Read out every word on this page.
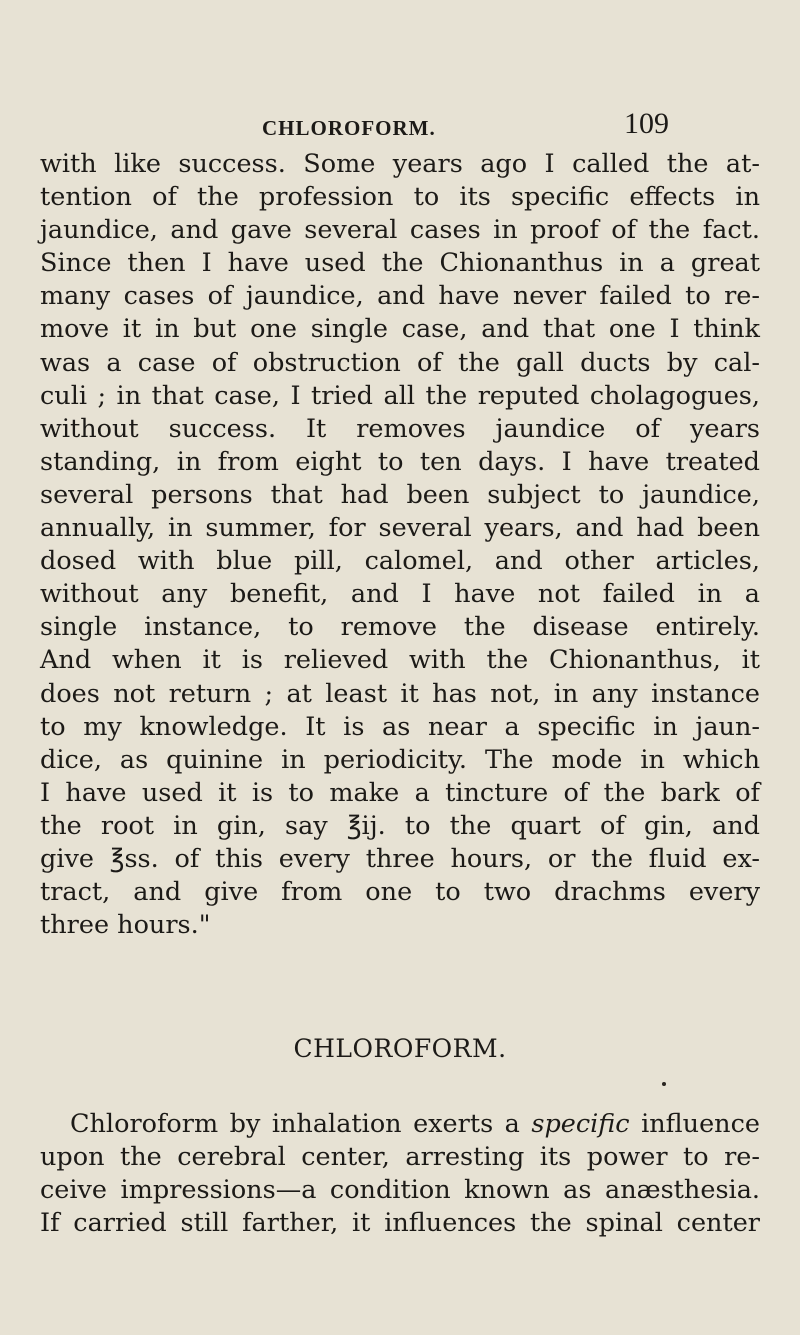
CHLOROFORM.	109
with like success. Some years ago I called the at-
tention of the profession to its specific effects in
jaundice, and gave several cases in proof of the fact.
Since then I have used the Chionanthus in a great
many cases of jaundice, and have never failed to re-
move it in but one single case, and that one I think
was a case of obstruction of the gall ducts by cal-
culi ; in that case, I tried all the reputed cholagogues,
without success. It removes jaundice of years
standing, in from eight to ten days. I have treated
several persons that had been subject to jaundice,
annually, in summer, for several years, and had been
dosed with blue pill, calomel, and other articles,
without any benefit, and I have not failed in a
single instance, to remove the disease entirely.
And when it is relieved with the Chionanthus, it
does not return ; at least it has not, in any instance
to my knowledge. It is as near a specific in jaun-
dice, as quinine in periodicity. The mode in which
I have used it is to make a tincture of the bark of
the root in gin, say ℥ij. to the quart of gin, and
give ℥ss. of this every three hours, or the fluid ex-
tract, and give from one to two drachms every
three hours."
CHLOROFORM.
Chloroform by inhalation exerts a specific influence
upon the cerebral center, arresting its power to re-
ceive impressions—a condition known as anæsthesia.
If carried still farther, it influences the spinal center
